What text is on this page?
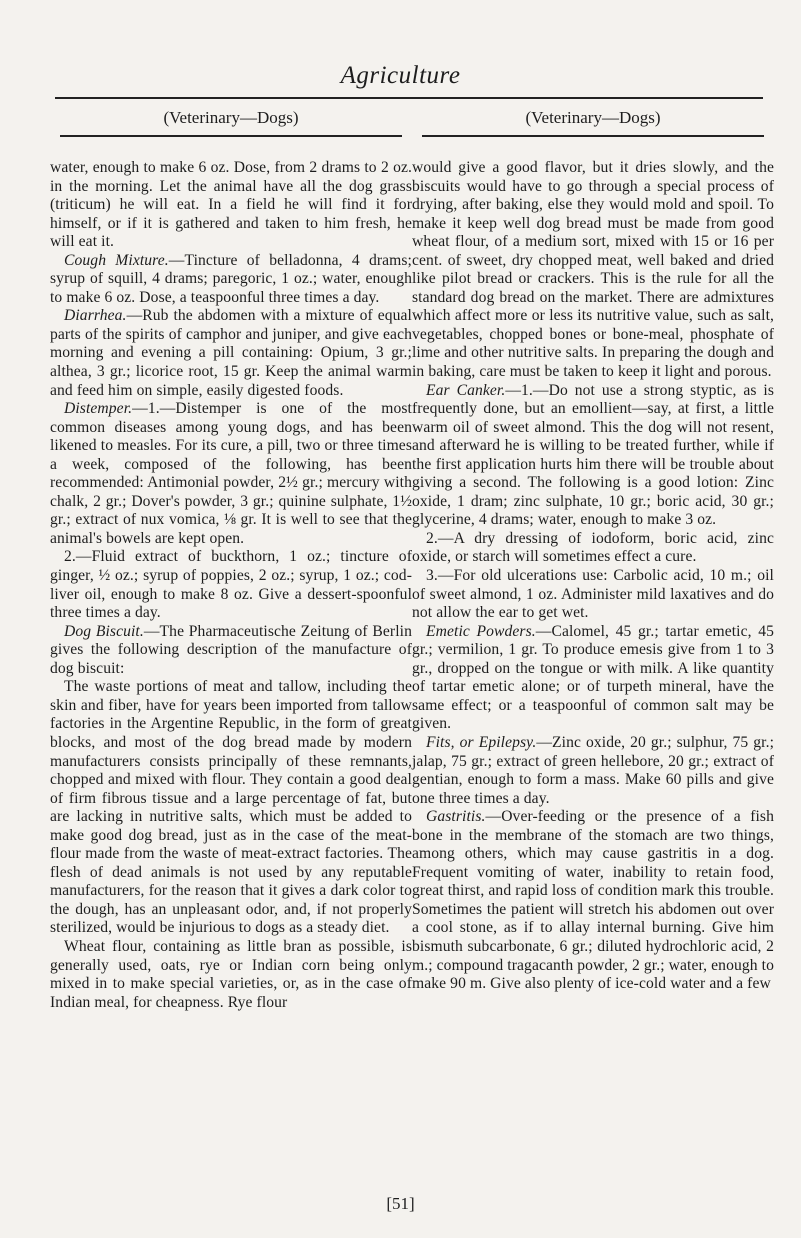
Agriculture
(Veterinary—Dogs)

water, enough to make 6 oz. Dose, from 2 drams to 2 oz. in the morning. Let the animal have all the dog grass (triticum) he will eat. In a field he will find it for himself, or if it is gathered and taken to him fresh, he will eat it.

Cough Mixture.—Tincture of belladonna, 4 drams; syrup of squill, 4 drams; paregoric, 1 oz.; water, enough to make 6 oz. Dose, a teaspoonful three times a day.

Diarrhea.—Rub the abdomen with a mixture of equal parts of the spirits of camphor and juniper, and give each morning and evening a pill containing: Opium, 3 gr.; althea, 3 gr.; licorice root, 15 gr. Keep the animal warm and feed him on simple, easily digested foods.

Distemper.—1.—Distemper is one of the most common diseases among young dogs, and has been likened to measles. For its cure, a pill, two or three times a week, composed of the following, has been recommended: Antimonial powder, 2½ gr.; mercury with chalk, 2 gr.; Dover's powder, 3 gr.; quinine sulphate, 1½ gr.; extract of nux vomica, ⅛ gr. It is well to see that the animal's bowels are kept open.

2.—Fluid extract of buckthorn, 1 oz.; tincture of ginger, ½ oz.; syrup of poppies, 2 oz.; syrup, 1 oz.; cod-liver oil, enough to make 8 oz. Give a dessert-spoonful three times a day.

Dog Biscuit.—The Pharmaceutische Zeitung of Berlin gives the following description of the manufacture of dog biscuit:

The waste portions of meat and tallow, including the skin and fiber, have for years been imported from tallow factories in the Argentine Republic, in the form of great blocks, and most of the dog bread made by modern manufacturers consists principally of these remnants, chopped and mixed with flour. They contain a good deal of firm fibrous tissue and a large percentage of fat, but are lacking in nutritive salts, which must be added to make good dog bread, just as in the case of the meat-flour made from the waste of meat-extract factories. The flesh of dead animals is not used by any reputable manufacturers, for the reason that it gives a dark color to the dough, has an unpleasant odor, and, if not properly sterilized, would be injurious to dogs as a steady diet.

Wheat flour, containing as little bran as possible, is generally used, oats, rye or Indian corn being only mixed in to make special varieties, or, as in the case of Indian meal, for cheapness. Rye flour

(Veterinary—Dogs)

would give a good flavor, but it dries slowly, and the biscuits would have to go through a special process of drying, after baking, else they would mold and spoil. To make it keep well dog bread must be made from good wheat flour, of a medium sort, mixed with 15 or 16 per cent. of sweet, dry chopped meat, well baked and dried like pilot bread or crackers. This is the rule for all the standard dog bread on the market. There are admixtures which affect more or less its nutritive value, such as salt, vegetables, chopped bones or bone-meal, phosphate of lime and other nutritive salts. In preparing the dough and in baking, care must be taken to keep it light and porous.

Ear Canker.—1.—Do not use a strong styptic, as is frequently done, but an emollient—say, at first, a little warm oil of sweet almond. This the dog will not resent, and afterward he is willing to be treated further, while if the first application hurts him there will be trouble about giving a second. The following is a good lotion: Zinc oxide, 1 dram; zinc sulphate, 10 gr.; boric acid, 30 gr.; glycerine, 4 drams; water, enough to make 3 oz.

2.—A dry dressing of iodoform, boric acid, zinc oxide, or starch will sometimes effect a cure.

3.—For old ulcerations use: Carbolic acid, 10 m.; oil of sweet almond, 1 oz. Administer mild laxatives and do not allow the ear to get wet.

Emetic Powders.—Calomel, 45 gr.; tartar emetic, 45 gr.; vermilion, 1 gr. To produce emesis give from 1 to 3 gr., dropped on the tongue or with milk. A like quantity of tartar emetic alone; or of turpeth mineral, have the same effect; or a teaspoonful of common salt may be given.

Fits, or Epilepsy.—Zinc oxide, 20 gr.; sulphur, 75 gr.; jalap, 75 gr.; extract of green hellebore, 20 gr.; extract of gentian, enough to form a mass. Make 60 pills and give one three times a day.

Gastritis.—Over-feeding or the presence of a fish bone in the membrane of the stomach are two things, among others, which may cause gastritis in a dog. Frequent vomiting of water, inability to retain food, great thirst, and rapid loss of condition mark this trouble. Sometimes the patient will stretch his abdomen out over a cool stone, as if to allay internal burning. Give him bismuth subcarbonate, 6 gr.; diluted hydrochloric acid, 2 m.; compound tragacanth powder, 2 gr.; water, enough to make 90 m. Give also plenty of ice-cold water and a few

[51]
